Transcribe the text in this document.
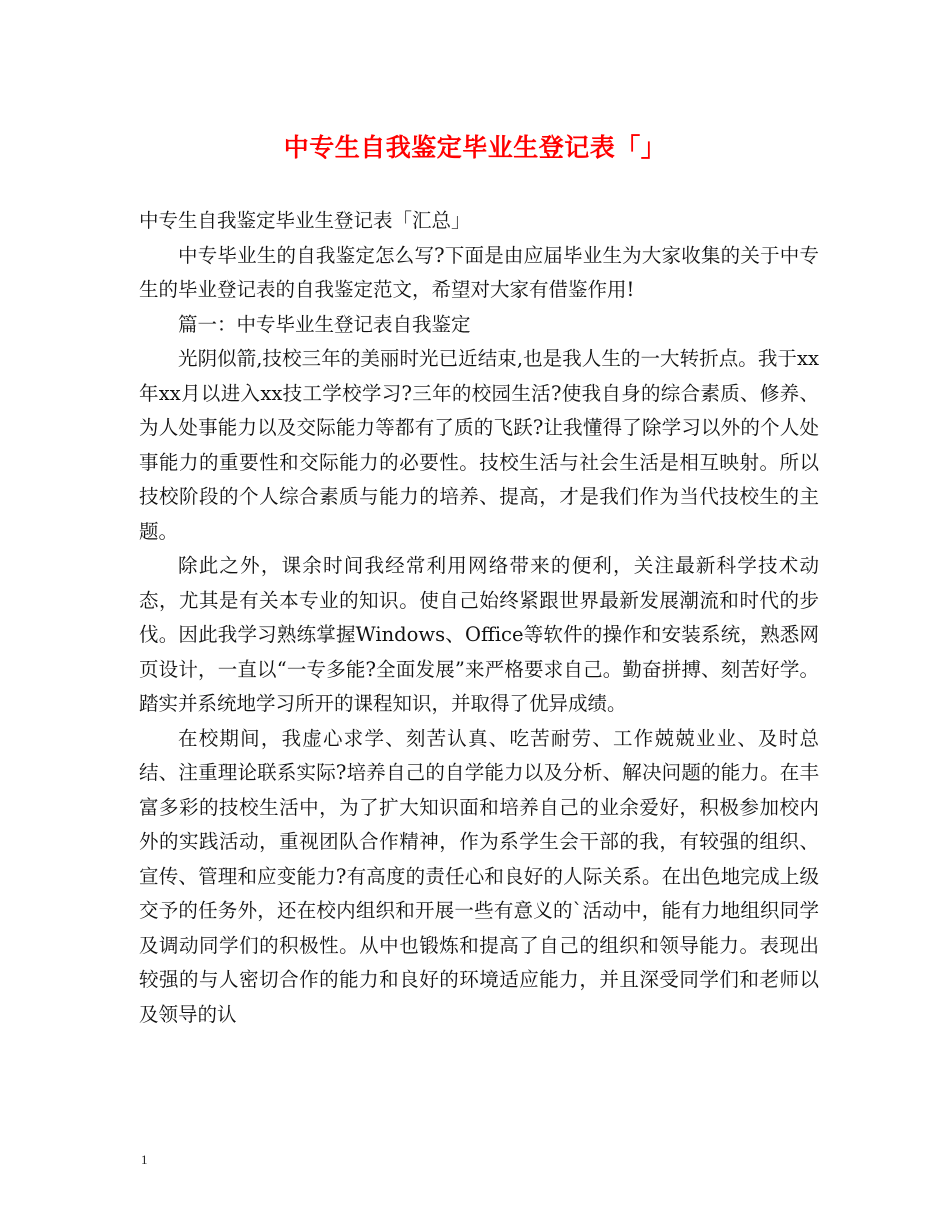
中专生自我鉴定毕业生登记表「」

中专生自我鉴定毕业生登记表「汇总」

中专毕业生的自我鉴定怎么写?下面是由应届毕业生为大家收集的关于中专生的毕业登记表的自我鉴定范文，希望对大家有借鉴作用!

篇一：中专毕业生登记表自我鉴定

光阴似箭,技校三年的美丽时光已近结束,也是我人生的一大转折点。我于xx年xx月以进入xx技工学校学习?三年的校园生活?使我自身的综合素质、修养、为人处事能力以及交际能力等都有了质的飞跃?让我懂得了除学习以外的个人处事能力的重要性和交际能力的必要性。技校生活与社会生活是相互映射。所以技校阶段的个人综合素质与能力的培养、提高，才是我们作为当代技校生的主题。

除此之外，课余时间我经常利用网络带来的便利，关注最新科学技术动态，尤其是有关本专业的知识。使自己始终紧跟世界最新发展潮流和时代的步伐。因此我学习熟练掌握Windows、Office等软件的操作和安装系统，熟悉网页设计，一直以“一专多能?全面发展”来严格要求自己。勤奋拼搏、刻苦好学。踏实并系统地学习所开的课程知识，并取得了优异成绩。

在校期间，我虚心求学、刻苦认真、吃苦耐劳、工作兢兢业业、及时总结、注重理论联系实际?培养自己的自学能力以及分析、解决问题的能力。在丰富多彩的技校生活中，为了扩大知识面和培养自己的业余爱好，积极参加校内外的实践活动，重视团队合作精神，作为系学生会干部的我，有较强的组织、宣传、管理和应变能力?有高度的责任心和良好的人际关系。在出色地完成上级交予的任务外，还在校内组织和开展一些有意义的`活动中，能有力地组织同学及调动同学们的积极性。从中也锻炼和提高了自己的组织和领导能力。表现出较强的与人密切合作的能力和良好的环境适应能力，并且深受同学们和老师以及领导的认

1
